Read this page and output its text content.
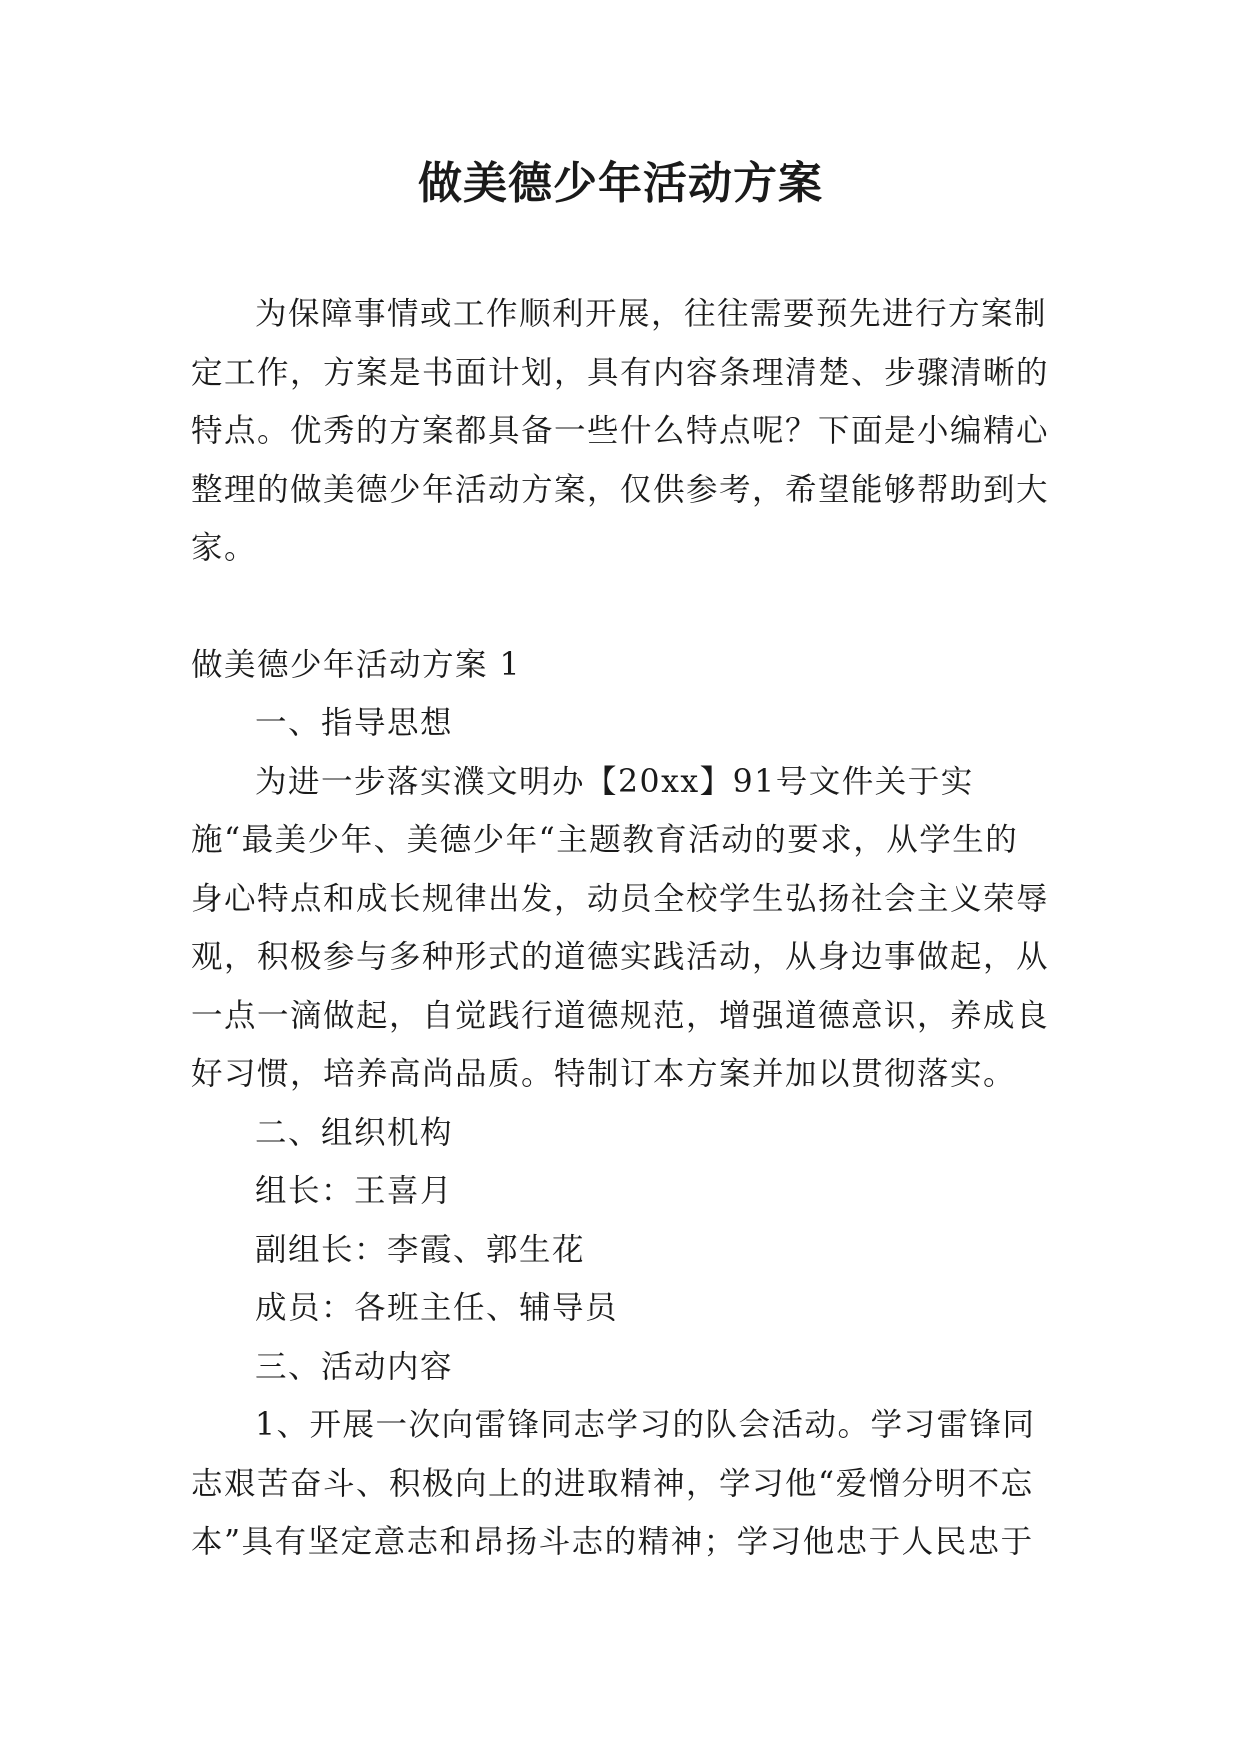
做美德少年活动方案

为保障事情或工作顺利开展，往往需要预先进行方案制定工作，方案是书面计划，具有内容条理清楚、步骤清晰的特点。优秀的方案都具备一些什么特点呢？下面是小编精心整理的做美德少年活动方案，仅供参考，希望能够帮助到大家。

做美德少年活动方案 1

一、指导思想

为进一步落实濮文明办【20xx】91号文件关于实施“最美少年、美德少年“主题教育活动的要求，从学生的身心特点和成长规律出发，动员全校学生弘扬社会主义荣辱观，积极参与多种形式的道德实践活动，从身边事做起，从一点一滴做起，自觉践行道德规范，增强道德意识，养成良好习惯，培养高尚品质。特制订本方案并加以贯彻落实。

二、组织机构

组长：王喜月

副组长：李霞、郭生花

成员：各班主任、辅导员

三、活动内容

1、开展一次向雷锋同志学习的队会活动。学习雷锋同志艰苦奋斗、积极向上的进取精神，学习他“爱憎分明不忘本”具有坚定意志和昂扬斗志的精神；学习他忠于人民忠于
